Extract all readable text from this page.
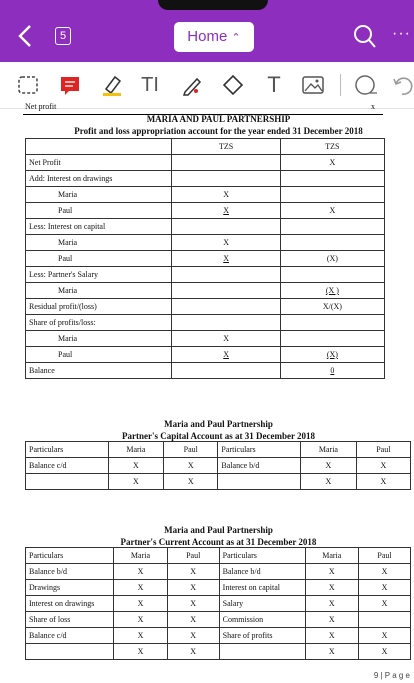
5	Home ⌃	···
TI	T
Net profit	x
MARIA AND PAUL PARTNERSHIP
Profit and loss appropriation account for the year ended 31 December 2018
	TZS	TZS
Net Profit		X
Add: Interest on drawings		
Maria	X	
Paul	X	X
Less: Interest on capital		
Maria	X	
Paul	X	(X)
Less: Partner's Salary		
Maria		(X )
Residual profit/(loss)		X/(X)
Share of profits/loss:		
Maria	X	
Paul	X	(X)
Balance		0
Maria and Paul Partnership
Partner's Capital Account as at 31 December 2018
Particulars	Maria	Paul	Particulars	Maria	Paul
Balance c/d	X	X	Balance b/d	X	X
	X	X		X	X
Maria and Paul Partnership
Partner's Current Account as at 31 December 2018
Particulars	Maria	Paul	Particulars	Maria	Paul
Balance b/d	X	X	Balance b/d	X	X
Drawings	X	X	Interest on capital	X	X
Interest on drawings	X	X	Salary	X	X
Share of loss	X	X	Commission	X	
Balance c/d	X	X	Share of profits	X	X
	X	X		X	X
9 | P a g e
